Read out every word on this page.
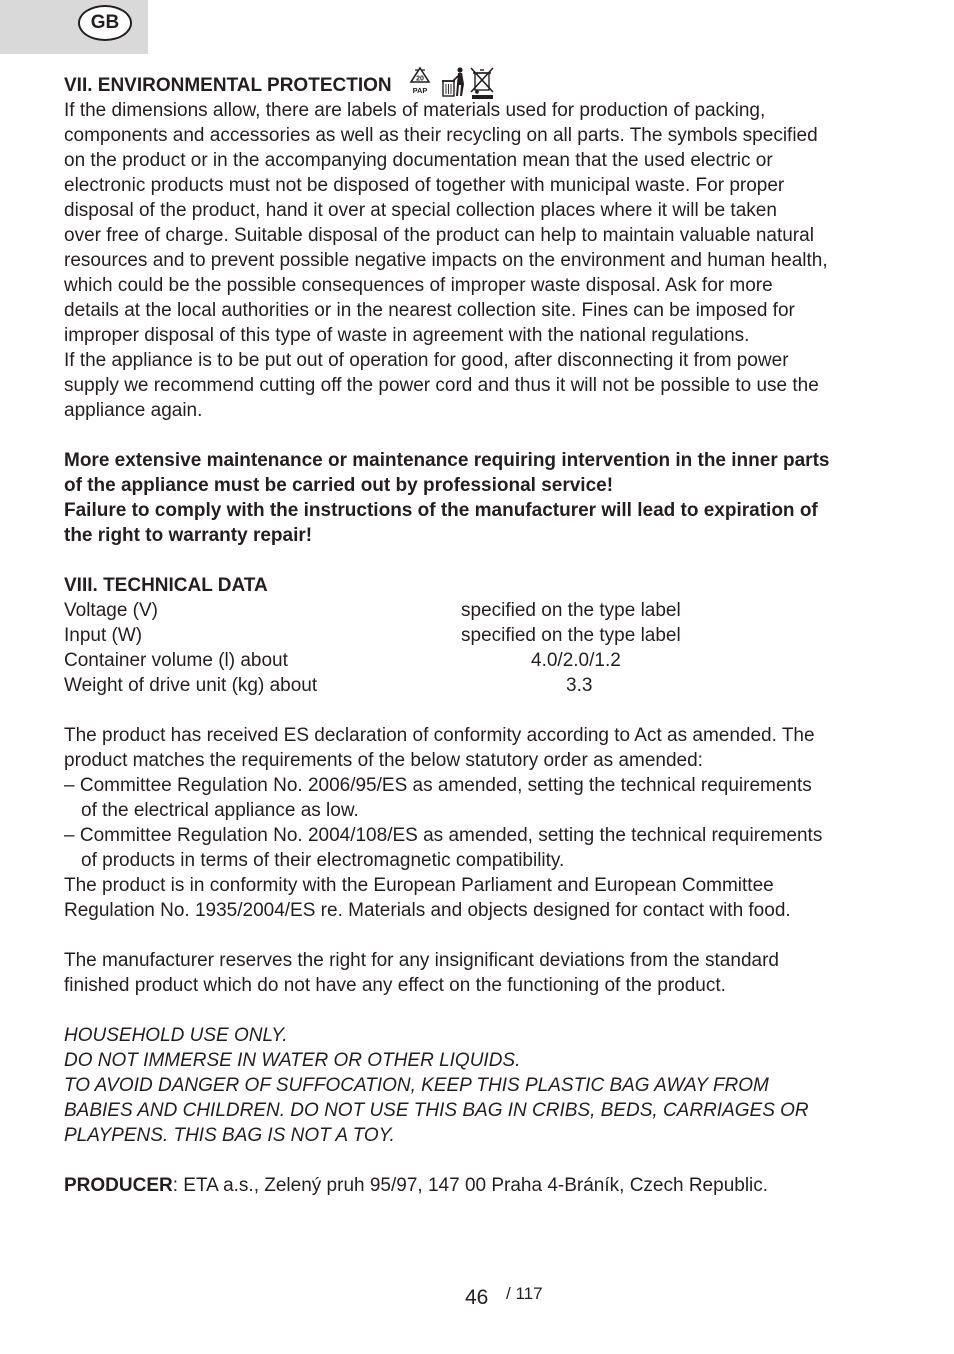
GB
VII. ENVIRONMENTAL PROTECTION	20
PAP
If the dimensions allow, there are labels of materials used for production of packing,
components and accessories as well as their recycling on all parts. The symbols specified
on the product or in the accompanying documentation mean that the used electric or
electronic products must not be disposed of together with municipal waste. For proper
disposal of the product, hand it over at special collection places where it will be taken
over free of charge. Suitable disposal of the product can help to maintain valuable natural
resources and to prevent possible negative impacts on the environment and human health,
which could be the possible consequences of improper waste disposal. Ask for more
details at the local authorities or in the nearest collection site. Fines can be imposed for
improper disposal of this type of waste in agreement with the national regulations.
If the appliance is to be put out of operation for good, after disconnecting it from power
supply we recommend cutting off the power cord and thus it will not be possible to use the
appliance again.
More extensive maintenance or maintenance requiring intervention in the inner parts
of the appliance must be carried out by professional service!
Failure to comply with the instructions of the manufacturer will lead to expiration of
the right to warranty repair!
VIII. TECHNICAL DATA
Voltage (V)	specified on the type label
Input (W)	specified on the type label
Container volume (l) about	4.0/2.0/1.2
Weight of drive unit (kg) about	3.3
The product has received ES declaration of conformity according to Act as amended. The
product matches the requirements of the below statutory order as amended:
– Committee Regulation No. 2006/95/ES as amended, setting the technical requirements
of the electrical appliance as low.
– Committee Regulation No. 2004/108/ES as amended, setting the technical requirements
of products in terms of their electromagnetic compatibility.
The product is in conformity with the European Parliament and European Committee
Regulation No. 1935/2004/ES re. Materials and objects designed for contact with food.
The manufacturer reserves the right for any insignificant deviations from the standard
finished product which do not have any effect on the functioning of the product.
HOUSEHOLD USE ONLY.
DO NOT IMMERSE IN WATER OR OTHER LIQUIDS.
TO AVOID DANGER OF SUFFOCATION, KEEP THIS PLASTIC BAG AWAY FROM
BABIES AND CHILDREN. DO NOT USE THIS BAG IN CRIBS, BEDS, CARRIAGES OR
PLAYPENS. THIS BAG IS NOT A TOY.
PRODUCER: ETA a.s., Zelený pruh 95/97, 147 00 Praha 4-Bráník, Czech Republic.
46 / 117
